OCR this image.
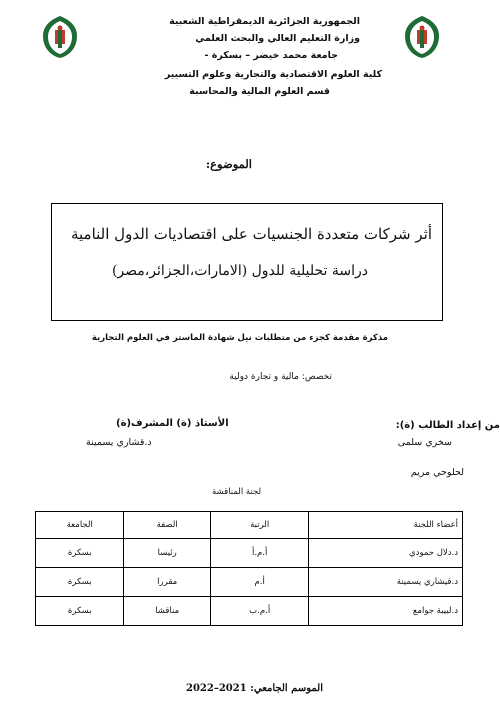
الجمهورية الجزائرية الديمقراطية الشعبية
وزارة التعليم العالي والبحث العلمي
جامعة محمد خيضر – بسكرة -
كلية العلوم الاقتصادية والتجارية وعلوم التسيير
قسم العلوم المالية والمحاسبة
الموضوع:
أثر شركات متعددة الجنسيات على اقتصاديات الدول النامية
دراسة تحليلية للدول (الامارات،الجزائر،مصر)
مذكرة مقدمة كجزء من متطلبات نيل شهادة الماستر في العلوم التجارية
تخصص: مالية و تجارة دولية
الأستاذ (ة) المشرف(ة)
د.قشاري يسمينة
من إعداد الطالب (ة):
سخري سلمى
لحلوحي مريم
لجنة المناقشة
أعضاء اللجنة	الرتبة	الصفة	الجامعة
د.دلال حمودي	أ.م.أ	رئيسا	بسكرة
د.قيشاري يسمينة	أ.م	مقررا	بسكرة
د.لبيبة جوامع	أ.م.ب	مناقشا	بسكرة
الموسم الجامعي: 2021–2022
